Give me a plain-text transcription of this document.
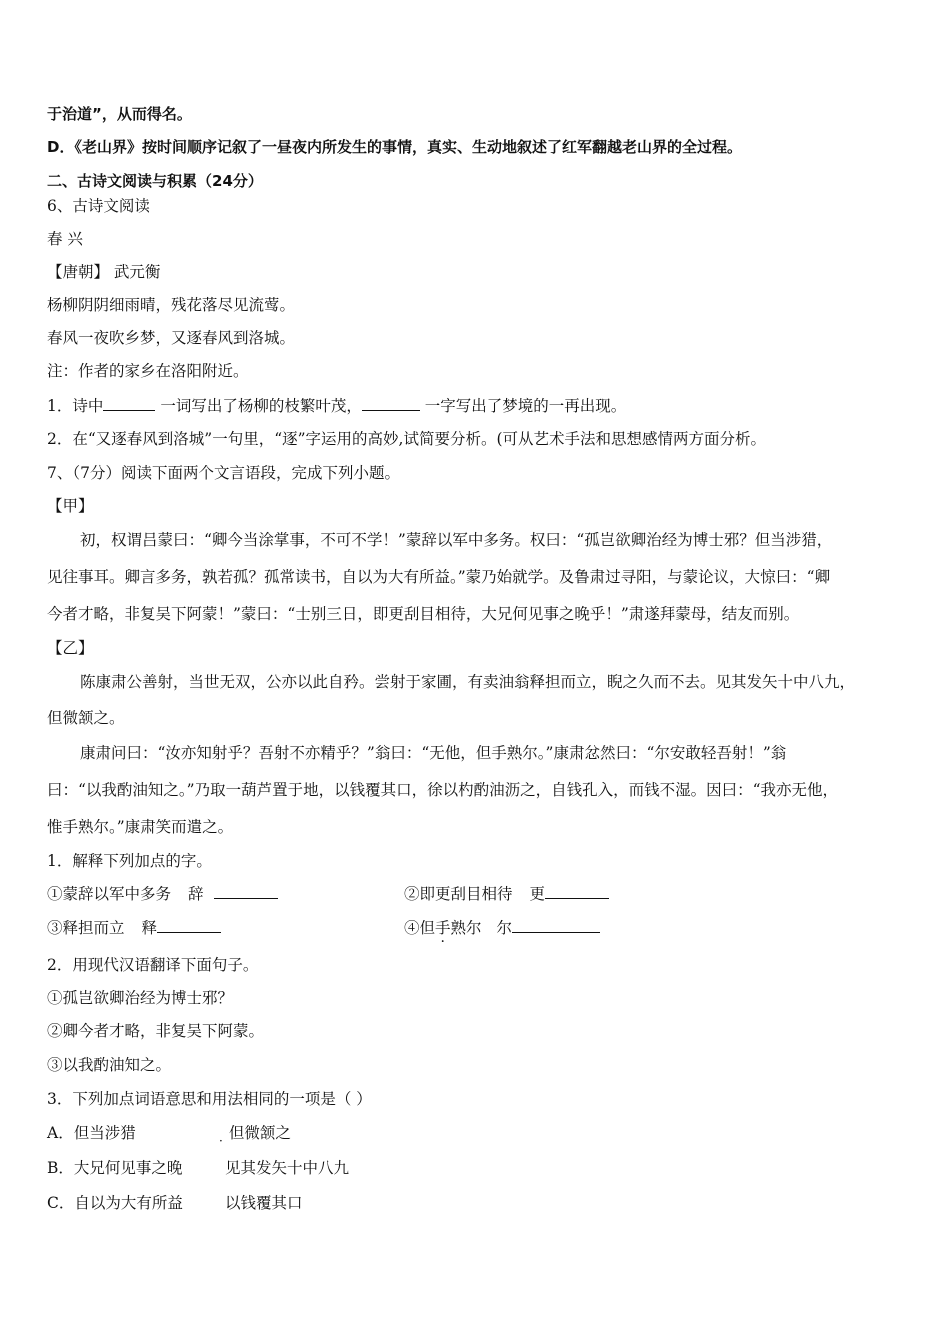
于治道”，从而得名。
D．《老山界》按时间顺序记叙了一昼夜内所发生的事情，真实、生动地叙述了红军翻越老山界的全过程。
二、古诗文阅读与积累（24分）
6、古诗文阅读
春 兴
【唐朝】 武元衡
杨柳阴阴细雨晴，残花落尽见流莺。
春风一夜吹乡梦，又逐春风到洛城。
注：作者的家乡在洛阳附近。
1．诗中	一词写出了杨柳的枝繁叶茂，	一字写出了梦境的一再出现。
2．在“又逐春风到洛城”一句里，“逐”字运用的高妙,试简要分析。(可从艺术手法和思想感情两方面分析。
7、（7分）阅读下面两个文言语段，完成下列小题。
【甲】
初，权谓吕蒙曰：“卿今当涂掌事，不可不学！”蒙辞以军中多务。权曰：“孤岂欲卿治经为博士邪？但当涉猎，
见往事耳。卿言多务，孰若孤？孤常读书，自以为大有所益。”蒙乃始就学。及鲁肃过寻阳，与蒙论议，大惊曰：“卿
今者才略，非复吴下阿蒙！”蒙曰：“士别三日，即更刮目相待，大兄何见事之晚乎！”肃遂拜蒙母，结友而别。
【乙】
陈康肃公善射，当世无双，公亦以此自矜。尝射于家圃，有卖油翁释担而立，睨之久而不去。见其发矢十中八九，
但微颔之。
康肃问曰：“汝亦知射乎？吾射不亦精乎？”翁曰：“无他，但手熟尔。”康肃忿然曰：“尔安敢轻吾射！”翁
曰：“以我酌油知之。”乃取一葫芦置于地，以钱覆其口，徐以杓酌油沥之，自钱孔入，而钱不湿。因曰：“我亦无他，
惟手熟尔。”康肃笑而遣之。
1．解释下列加点的字。
①蒙辞以军中多务 辞	②即更刮目相待 更
③释担而立 释	④但手熟尔 · 尔
2．用现代汉语翻译下面句子。
①孤岂欲卿治经为博士邪？
②卿今者才略，非复吴下阿蒙。
③以我酌油知之。
3．下列加点词语意思和用法相同的一项是（ ）
A．但当涉猎	$_\cdot$ 但微颔之
B．大兄何见事之晚	见其发矢十中八九
C．自以为大有所益	以钱覆其口
